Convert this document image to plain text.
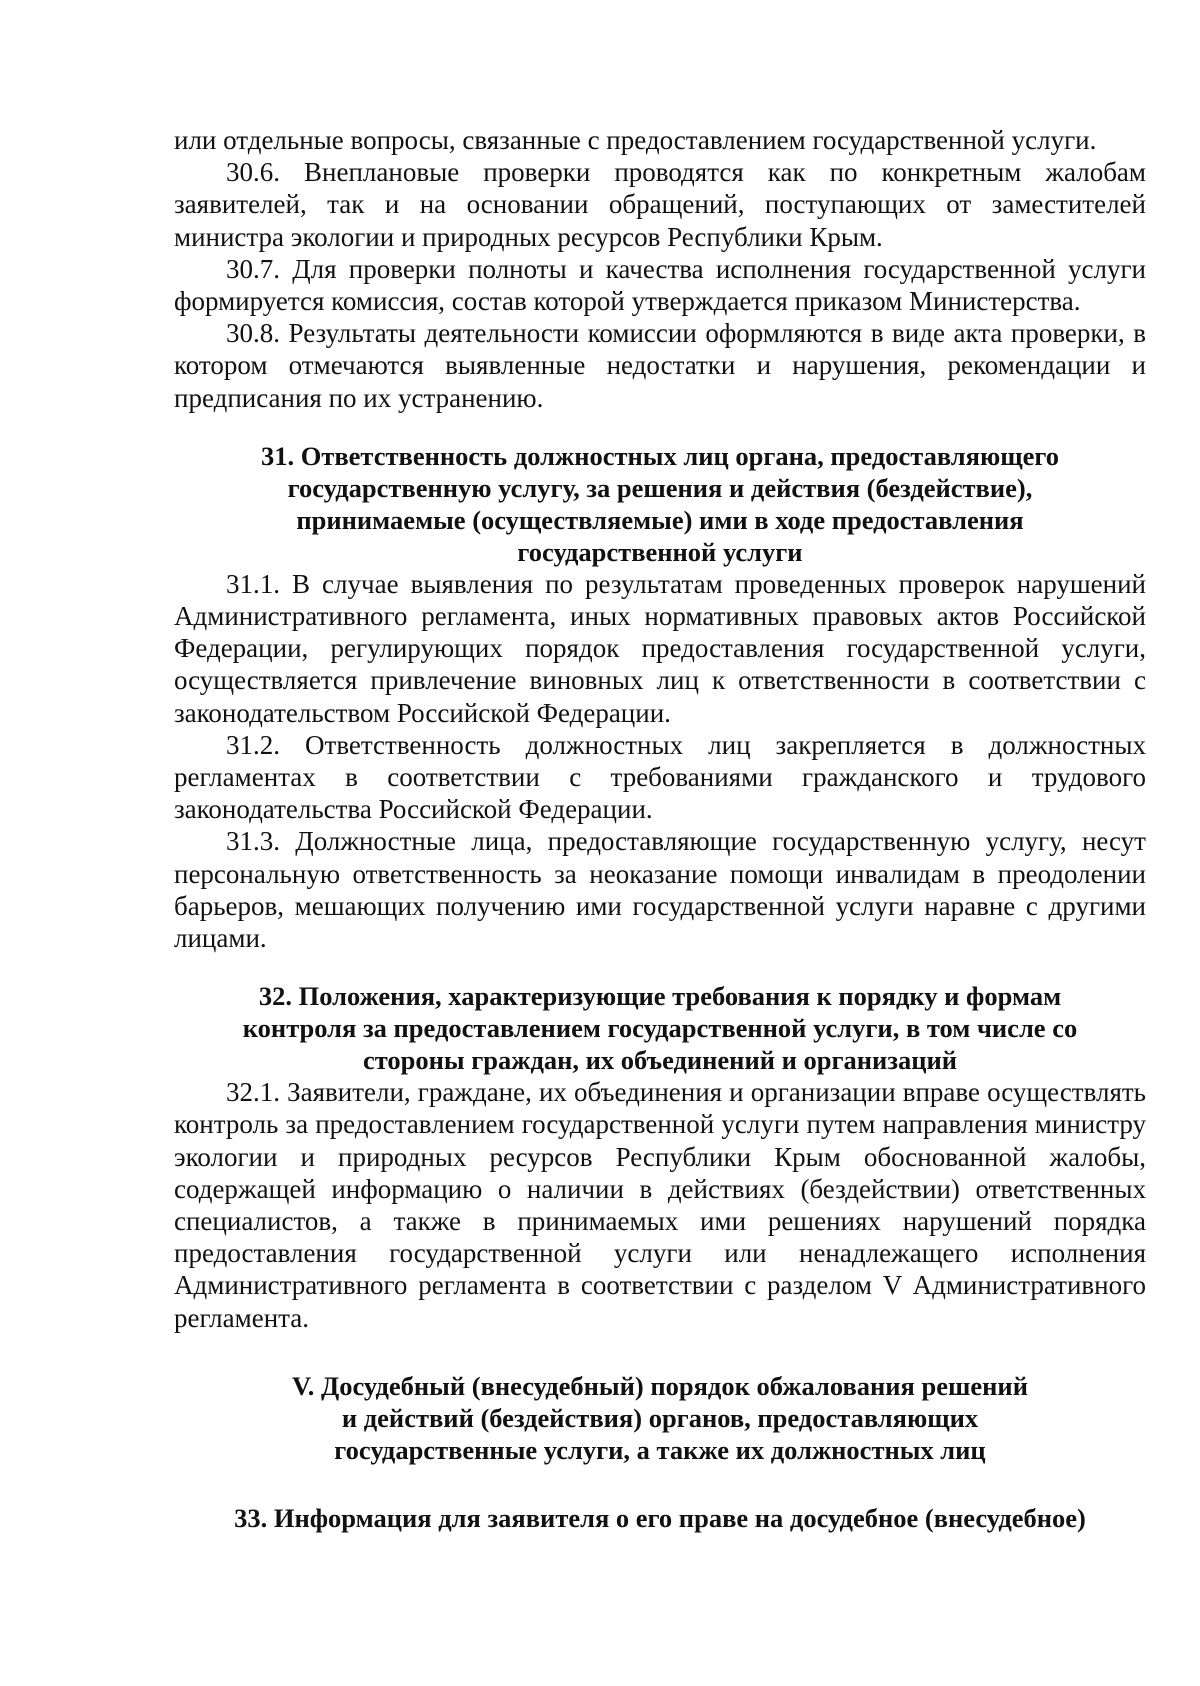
или отдельные вопросы, связанные с предоставлением государственной услуги.

30.6. Внеплановые проверки проводятся как по конкретным жалобам заявителей, так и на основании обращений, поступающих от заместителей министра экологии и природных ресурсов Республики Крым.

30.7. Для проверки полноты и качества исполнения государственной услуги формируется комиссия, состав которой утверждается приказом Министерства.

30.8. Результаты деятельности комиссии оформляются в виде акта проверки, в котором отмечаются выявленные недостатки и нарушения, рекомендации и предписания по их устранению.

31. Ответственность должностных лиц органа, предоставляющего
государственную услугу, за решения и действия (бездействие),
принимаемые (осуществляемые) ими в ходе предоставления
государственной услуги

31.1. В случае выявления по результатам проведенных проверок нарушений Административного регламента, иных нормативных правовых актов Российской Федерации, регулирующих порядок предоставления государственной услуги, осуществляется привлечение виновных лиц к ответственности в соответствии с законодательством Российской Федерации.

31.2. Ответственность должностных лиц закрепляется в должностных регламентах в соответствии с требованиями гражданского и трудового законодательства Российской Федерации.

31.3. Должностные лица, предоставляющие государственную услугу, несут персональную ответственность за неоказание помощи инвалидам в преодолении барьеров, мешающих получению ими государственной услуги наравне с другими лицами.

32. Положения, характеризующие требования к порядку и формам
контроля за предоставлением государственной услуги, в том числе со
стороны граждан, их объединений и организаций

32.1. Заявители, граждане, их объединения и организации вправе осуществлять контроль за предоставлением государственной услуги путем направления министру экологии и природных ресурсов Республики Крым обоснованной жалобы, содержащей информацию о наличии в действиях (бездействии) ответственных специалистов, а также в принимаемых ими решениях нарушений порядка предоставления государственной услуги или ненадлежащего исполнения Административного регламента в соответствии с разделом V Административного регламента.

V. Досудебный (внесудебный) порядок обжалования решений
и действий (бездействия) органов, предоставляющих
государственные услуги, а также их должностных лиц
33. Информация для заявителя о его праве на досудебное (внесудебное)
